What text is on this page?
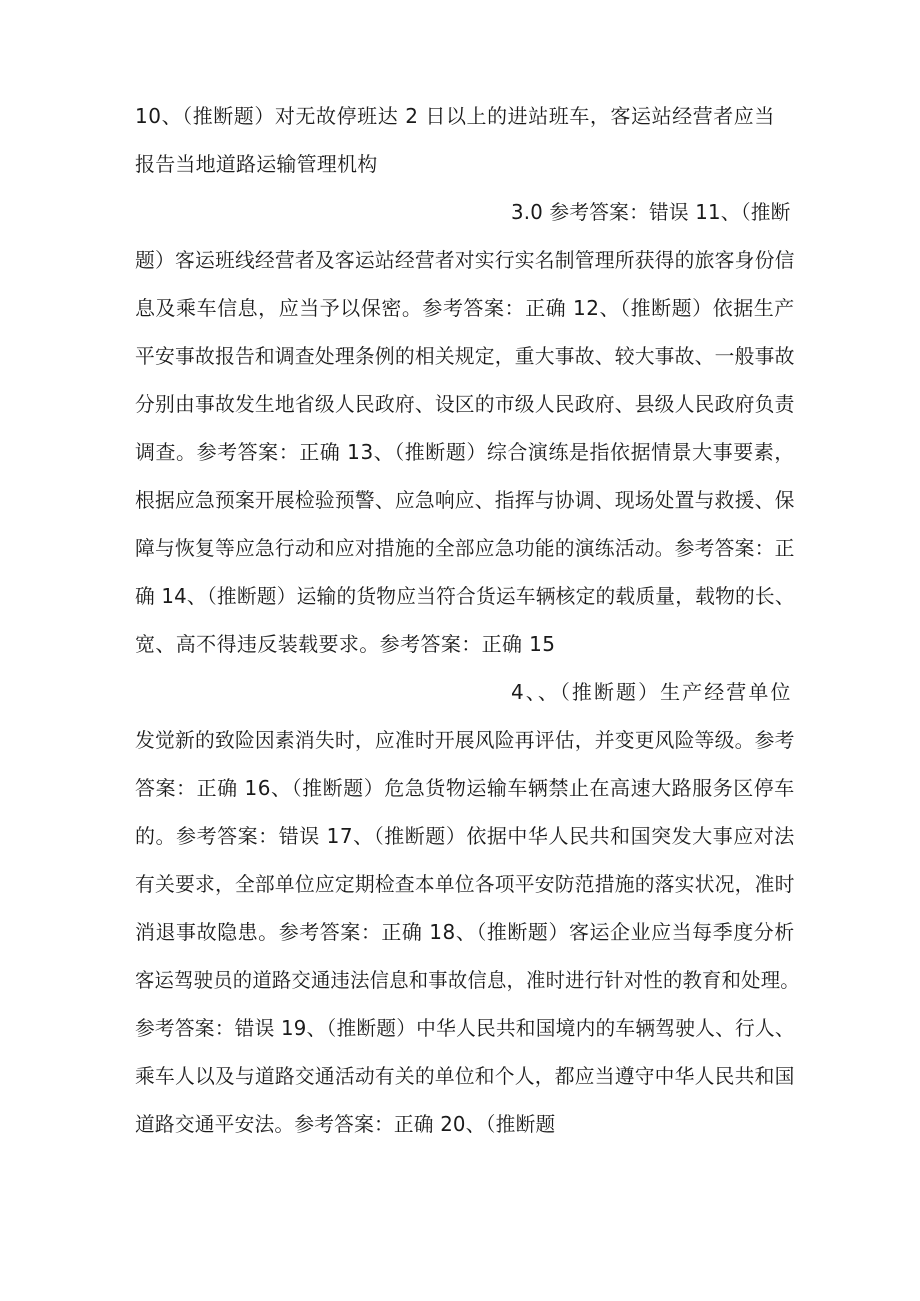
10、（推断题）对无故停班达 2 日以上的进站班车，客运站经营者应当
报告当地道路运输管理机构
3.0 参考答案：错误 11、（推断
题）客运班线经营者及客运站经营者对实行实名制管理所获得的旅客身份信
息及乘车信息，应当予以保密。参考答案：正确 12、（推断题）依据生产
平安事故报告和调查处理条例的相关规定，重大事故、较大事故、一般事故
分别由事故发生地省级人民政府、设区的市级人民政府、县级人民政府负责
调查。参考答案：正确 13、（推断题）综合演练是指依据情景大事要素，
根据应急预案开展检验预警、应急响应、指挥与协调、现场处置与救援、保
障与恢复等应急行动和应对措施的全部应急功能的演练活动。参考答案：正
确 14、（推断题）运输的货物应当符合货运车辆核定的载质量，载物的长、
宽、高不得违反装载要求。参考答案：正确 15
4、、（推断题）生产经营单位
发觉新的致险因素消失时，应准时开展风险再评估，并变更风险等级。参考
答案：正确 16、（推断题）危急货物运输车辆禁止在高速大路服务区停车
的。参考答案：错误 17、（推断题）依据中华人民共和国突发大事应对法
有关要求，全部单位应定期检查本单位各项平安防范措施的落实状况，准时
消退事故隐患。参考答案：正确 18、（推断题）客运企业应当每季度分析
客运驾驶员的道路交通违法信息和事故信息，准时进行针对性的教育和处理。
参考答案：错误 19、（推断题）中华人民共和国境内的车辆驾驶人、行人、
乘车人以及与道路交通活动有关的单位和个人，都应当遵守中华人民共和国
道路交通平安法。参考答案：正确 20、（推断题
